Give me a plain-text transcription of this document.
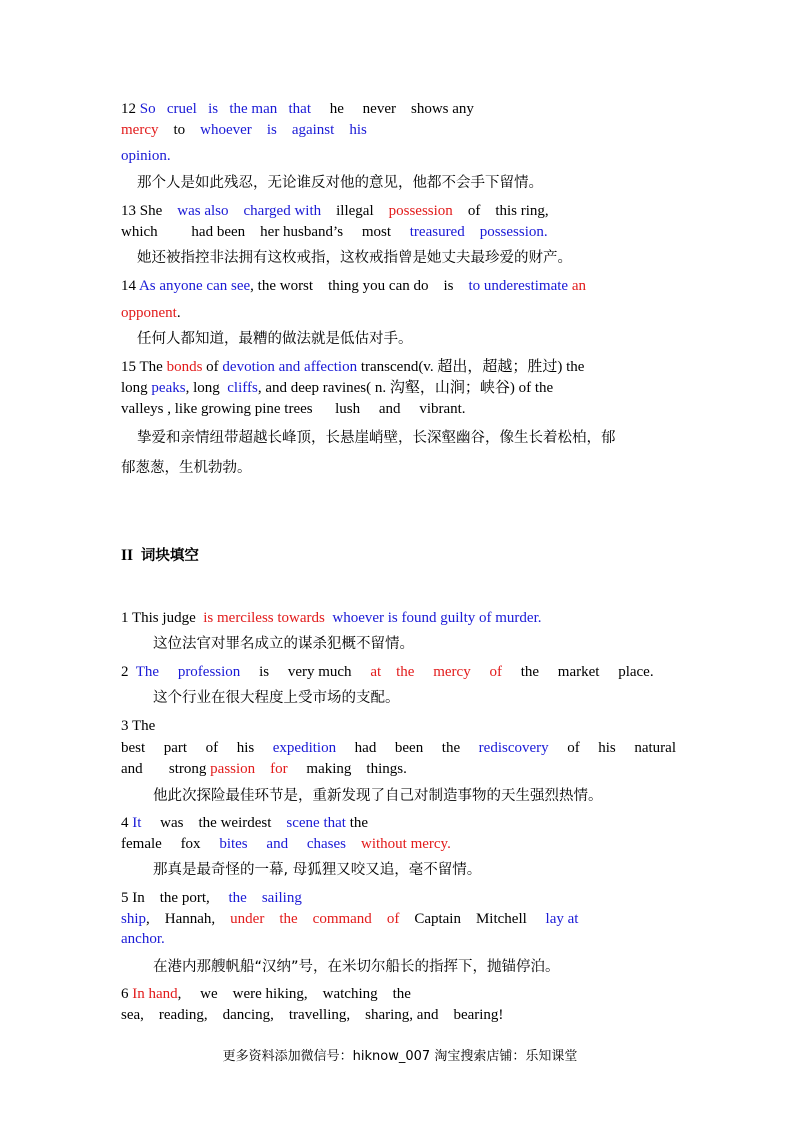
12 So cruel is the man that he never shows any
mercy to whoever is against his
opinion.
那个人是如此残忍，无论谁反对他的意见，他都不会手下留情。
13 She was also charged with illegal possession of this ring,
which had been her husband’s most treasured possession.
她还被指控非法拥有这枚戒指，这枚戒指曾是她丈夫最珍爱的财产。
14 As anyone can see, the worst thing you can do is to underestimate an
opponent.
任何人都知道，最糟的做法就是低估对手。
15 The bonds of devotion and affection transcend(v. 超出，超越；胜过) the
long peaks, long cliffs, and deep ravines( n. 沟壑，山涧；峡谷) of the
valleys , like growing pine trees lush and vibrant.
挚爱和亲情纽带超越长峰顶，长悬崖峭壁，长深壑幽谷，像生长着松柏，郁
郁葱葱，生机勃勃。
II 词块填空
1 This judge is merciless towards whoever is found guilty of murder.
这位法官对罪名成立的谋杀犯概不留情。
2 The profession is very much at the mercy of the market place.
这个行业在很大程度上受市场的支配。
3 The
best part of his expedition had been the rediscovery of his natural
and strong passion for making things.
他此次探险最佳环节是，重新发现了自己对制造事物的天生强烈热情。
4 It was the weirdest scene that the
female fox bites and chases without mercy.
那真是最奇怪的一幕, 母狐狸又咬又追，毫不留情。
5 In the port, the sailing
ship, Hannah, under the command of Captain Mitchell lay at
anchor.
在港内那艘帆船“汉纳”号，在米切尔船长的指挥下，抛锚停泊。
6 In hand, we were hiking, watching the
sea, reading, dancing, travelling, sharing, and bearing!
更多资料添加微信号：hiknow_007 淘宝搜索店铺：乐知课堂
